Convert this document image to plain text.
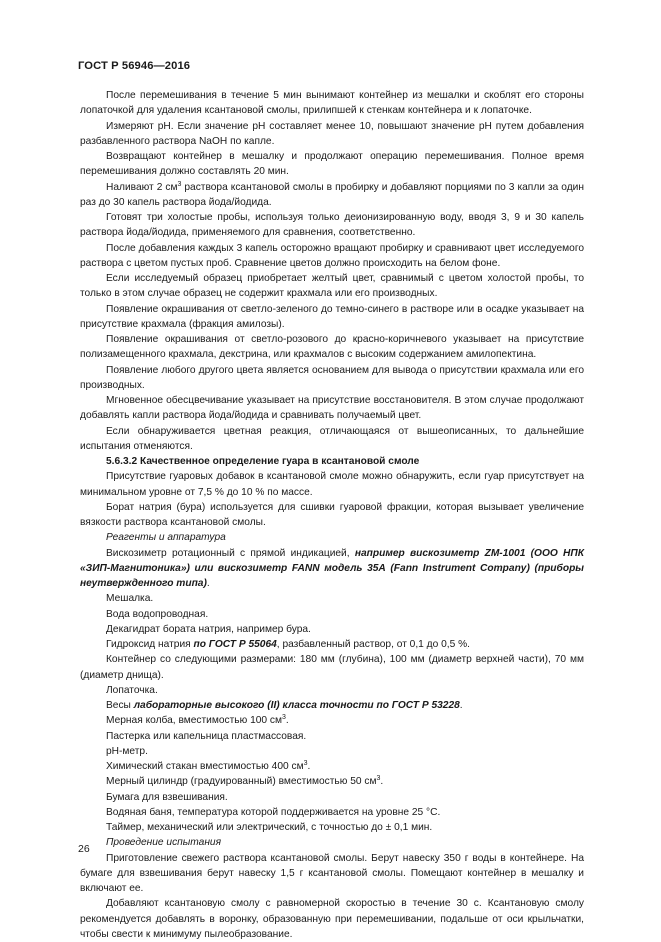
ГОСТ Р 56946—2016

После перемешивания в течение 5 мин вынимают контейнер из мешалки и скоблят его стороны лопаточкой для удаления ксантановой смолы, прилипшей к стенкам контейнера и к лопаточке.

Измеряют рН. Если значение рН составляет менее 10, повышают значение рН путем добавления разбавленного раствора NaOH по капле.

Возвращают контейнер в мешалку и продолжают операцию перемешивания. Полное время перемешивания должно составлять 20 мин.

Наливают 2 $см^3$ раствора ксантановой смолы в пробирку и добавляют порциями по 3 капли за один раз до 30 капель раствора йода/йодида.

Готовят три холостые пробы, используя только деионизированную воду, вводя 3, 9 и 30 капель раствора йода/йодида, применяемого для сравнения, соответственно.

После добавления каждых 3 капель осторожно вращают пробирку и сравнивают цвет исследуемого раствора с цветом пустых проб. Сравнение цветов должно происходить на белом фоне.

Если исследуемый образец приобретает желтый цвет, сравнимый с цветом холостой пробы, то только в этом случае образец не содержит крахмала или его производных.

Появление окрашивания от светло-зеленого до темно-синего в растворе или в осадке указывает на присутствие крахмала (фракция амилозы).

Появление окрашивания от светло-розового до красно-коричневого указывает на присутствие полизамещенного крахмала, декстрина, или крахмалов с высоким содержанием амилопектина.

Появление любого другого цвета является основанием для вывода о присутствии крахмала или его производных.

Мгновенное обесцвечивание указывает на присутствие восстановителя. В этом случае продолжают добавлять капли раствора йода/йодида и сравнивать получаемый цвет.

Если обнаруживается цветная реакция, отличающаяся от вышеописанных, то дальнейшие испытания отменяются.

5.6.3.2 Качественное определение гуара в ксантановой смоле

Присутствие гуаровых добавок в ксантановой смоле можно обнаружить, если гуар присутствует на минимальном уровне от 7,5 % до 10 % по массе.

Борат натрия (бура) используется для сшивки гуаровой фракции, которая вызывает увеличение вязкости раствора ксантановой смолы.

Реагенты и аппаратура

Вискозиметр ротационный с прямой индикацией, например вискозиметр ZM-1001 (ООО НПК «ЗИП-Магнитоника») или вискозиметр FANN модель 35А (Fann Instrument Company) (приборы неутвержденного типа).

Мешалка.

Вода водопроводная.

Декагидрат бората натрия, например бура.

Гидроксид натрия по ГОСТ Р 55064, разбавленный раствор, от 0,1 до 0,5 %.

Контейнер со следующими размерами: 180 мм (глубина), 100 мм (диаметр верхней части), 70 мм (диаметр днища).

Лопаточка.

Весы лабораторные высокого (II) класса точности по ГОСТ Р 53228.

Мерная колба, вместимостью 100 $см^3$.

Пастерка или капельница пластмассовая.

рН-метр.

Химический стакан вместимостью 400 $см^3$.

Мерный цилиндр (градуированный) вместимостью 50 $см^3$.

Бумага для взвешивания.

Водяная баня, температура которой поддерживается на уровне 25 °С.

Таймер, механический или электрический, с точностью до ± 0,1 мин.

Проведение испытания

Приготовление свежего раствора ксантановой смолы. Берут навеску 350 г воды в контейнере. На бумаге для взвешивания берут навеску 1,5 г ксантановой смолы. Помещают контейнер в мешалку и включают ее.

Добавляют ксантановую смолу с равномерной скоростью в течение 30 с. Ксантановую смолу рекомендуется добавлять в воронку, образованную при перемешивании, подальше от оси крыльчатки, чтобы свести к минимуму пылеобразование.

26
